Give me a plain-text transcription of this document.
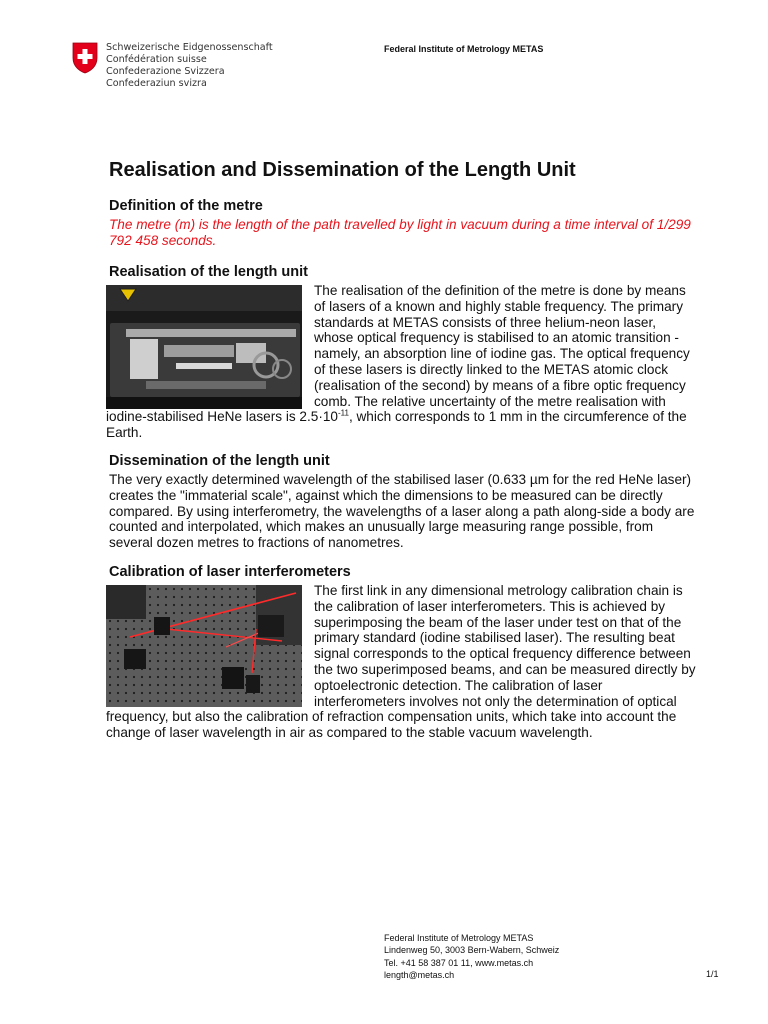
Schweizerische Eidgenossenschaft
Confédération suisse
Confederazione Svizzera
Confederaziun svizra
Federal Institute of Metrology METAS
Realisation and Dissemination of the Length Unit
Definition of the metre

The metre (m) is the length of the path travelled by light in vacuum during a time interval of 1/299 792 458 seconds.

Realisation of the length unit

The realisation of the definition of the metre is done by means of lasers of a known and highly stable frequency. The primary standards at METAS consists of three helium-neon laser, whose optical frequency is stabilised to an atomic transition - namely, an absorption line of iodine gas. The optical frequency of these lasers is directly linked to the METAS atomic clock (realisation of the second) by means of a fibre optic frequency comb. The relative uncertainty of the metre realisation with iodine-stabilised HeNe lasers is $2.5\cdot 10^{-11}$, which corresponds to 1 mm in the circumference of the Earth.

Dissemination of the length unit

The very exactly determined wavelength of the stabilised laser (0.633 µm for the red HeNe laser) creates the "immaterial scale", against which the dimensions to be measured can be directly compared. By using interferometry, the wavelengths of a laser along a path along-side a body are counted and interpolated, which makes an unusually large measuring range possible, from several dozen metres to fractions of nanometres.

Calibration of laser interferometers

The first link in any dimensional metrology calibration chain is the calibration of laser interferometers. This is achieved by superimposing the beam of the laser under test on that of the primary standard (iodine stabilised laser). The resulting beat signal corresponds to the optical frequency difference between the two superimposed beams, and can be measured directly by optoelectronic detection. The calibration of laser interferometers involves not only the determination of optical frequency, but also the calibration of refraction compensation units, which take into account the change of laser wavelength in air as compared to the stable vacuum wavelength.

Federal Institute of Metrology METAS
Lindenweg 50, 3003 Bern-Wabern, Schweiz
Tel. +41 58 387 01 11, www.metas.ch
length@metas.ch	1/1
